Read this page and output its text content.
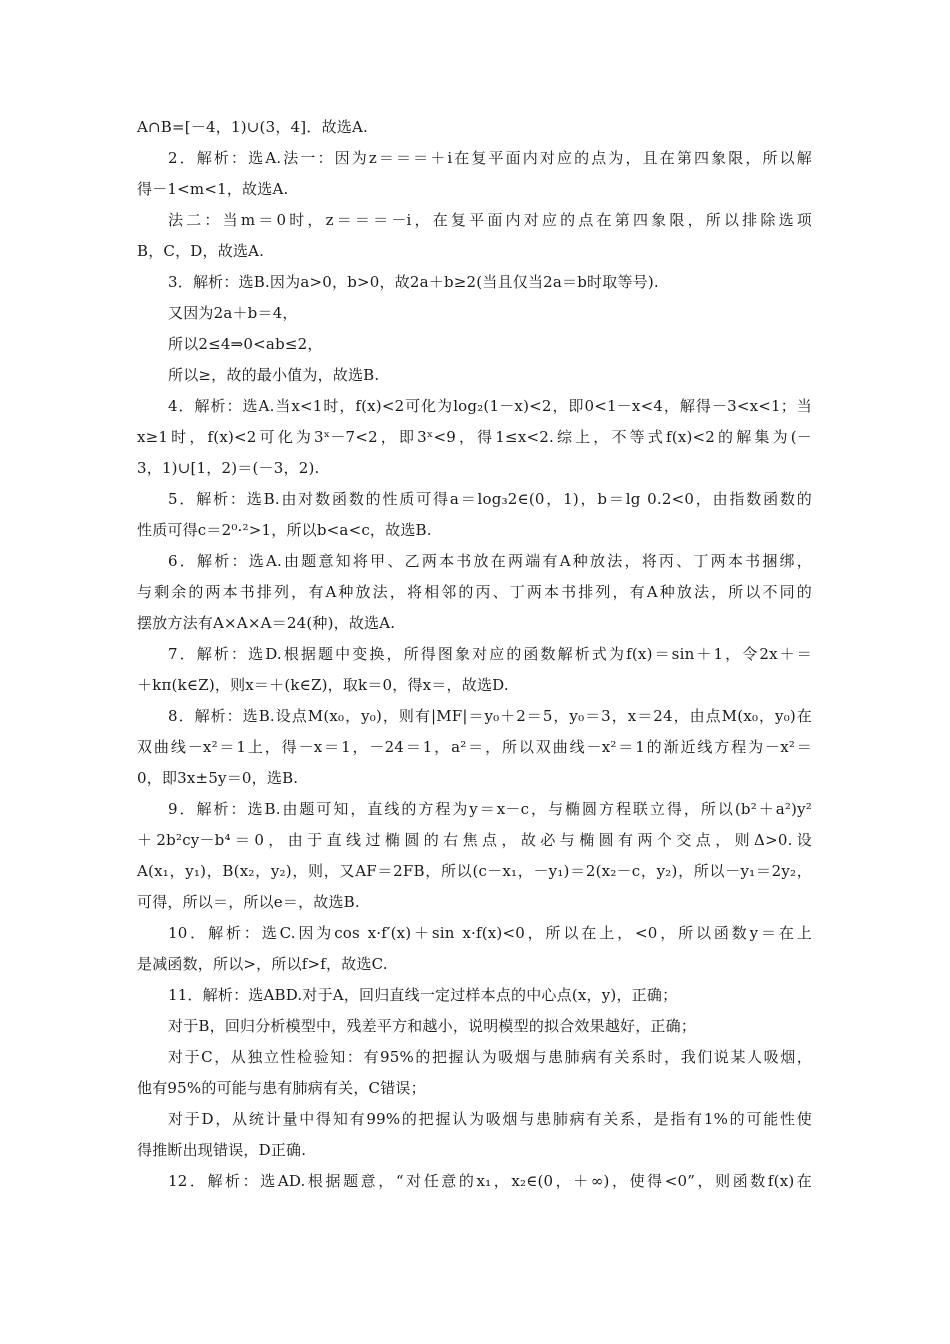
A∩B=[－4，1)∪(3，4]．故选A.
2．解析：选A.法一：因为z＝＝＝＋i在复平面内对应的点为，且在第四象限，所以解
得－1<m<1，故选A.
法二：当m＝0时，z＝＝＝－i，在复平面内对应的点在第四象限，所以排除选项
B，C，D，故选A.
3．解析：选B.因为a>0，b>0，故2a＋b≥2(当且仅当2a＝b时取等号).
又因为2a＋b＝4，
所以2≤4⇒0<ab≤2，
所以≥，故的最小值为，故选B.
4．解析：选A.当x<1时，f(x)<2可化为log₂(1－x)<2，即0<1－x<4，解得－3<x<1；当
x≥1时，f(x)<2可化为3ˣ－7<2，即3ˣ<9，得1≤x<2.综上，不等式f(x)<2的解集为(－
3，1)∪[1，2)＝(－3，2).
5．解析：选B.由对数函数的性质可得a＝log₃2∈(0，1)，b＝lg 0.2<0，由指数函数的
性质可得c＝2⁰·²>1，所以b<a<c，故选B.
6．解析：选A.由题意知将甲、乙两本书放在两端有A种放法，将丙、丁两本书捆绑，
与剩余的两本书排列，有A种放法，将相邻的丙、丁两本书排列，有A种放法，所以不同的
摆放方法有A×A×A＝24(种)，故选A.
7．解析：选D.根据题中变换，所得图象对应的函数解析式为f(x)＝sin＋1，令2x＋＝
＋kπ(k∈Z)，则x＝＋(k∈Z)，取k＝0，得x＝，故选D.
8．解析：选B.设点M(x₀，y₀)，则有|MF|＝y₀＋2＝5，y₀＝3，x＝24，由点M(x₀，y₀)在
双曲线－x²＝1上，得－x＝1，－24＝1，a²＝，所以双曲线－x²＝1的渐近线方程为－x²＝
0，即3x±5y＝0，选B.
9．解析：选B.由题可知，直线的方程为y＝x－c，与椭圆方程联立得，所以(b²＋a²)y²
＋2b²cy－b⁴＝0，由于直线过椭圆的右焦点，故必与椭圆有两个交点，则Δ>0.设
A(x₁，y₁)，B(x₂，y₂)，则，又AF＝2FB，所以(c－x₁，－y₁)＝2(x₂－c，y₂)，所以－y₁＝2y₂，
可得，所以＝，所以e＝，故选B.
10．解析：选C.因为cos x·f′(x)＋sin x·f(x)<0，所以在上，<0，所以函数y＝在上
是减函数，所以>，所以f>f，故选C.
11．解析：选ABD.对于A，回归直线一定过样本点的中心点(x，y)，正确；
对于B，回归分析模型中，残差平方和越小，说明模型的拟合效果越好，正确；
对于C，从独立性检验知：有95%的把握认为吸烟与患肺病有关系时，我们说某人吸烟，
他有95%的可能与患有肺病有关，C错误；
对于D，从统计量中得知有99%的把握认为吸烟与患肺病有关系，是指有1%的可能性使
得推断出现错误，D正确.
12．解析：选AD.根据题意，“对任意的x₁，x₂∈(0，＋∞)，使得<0”，则函数f(x)在
